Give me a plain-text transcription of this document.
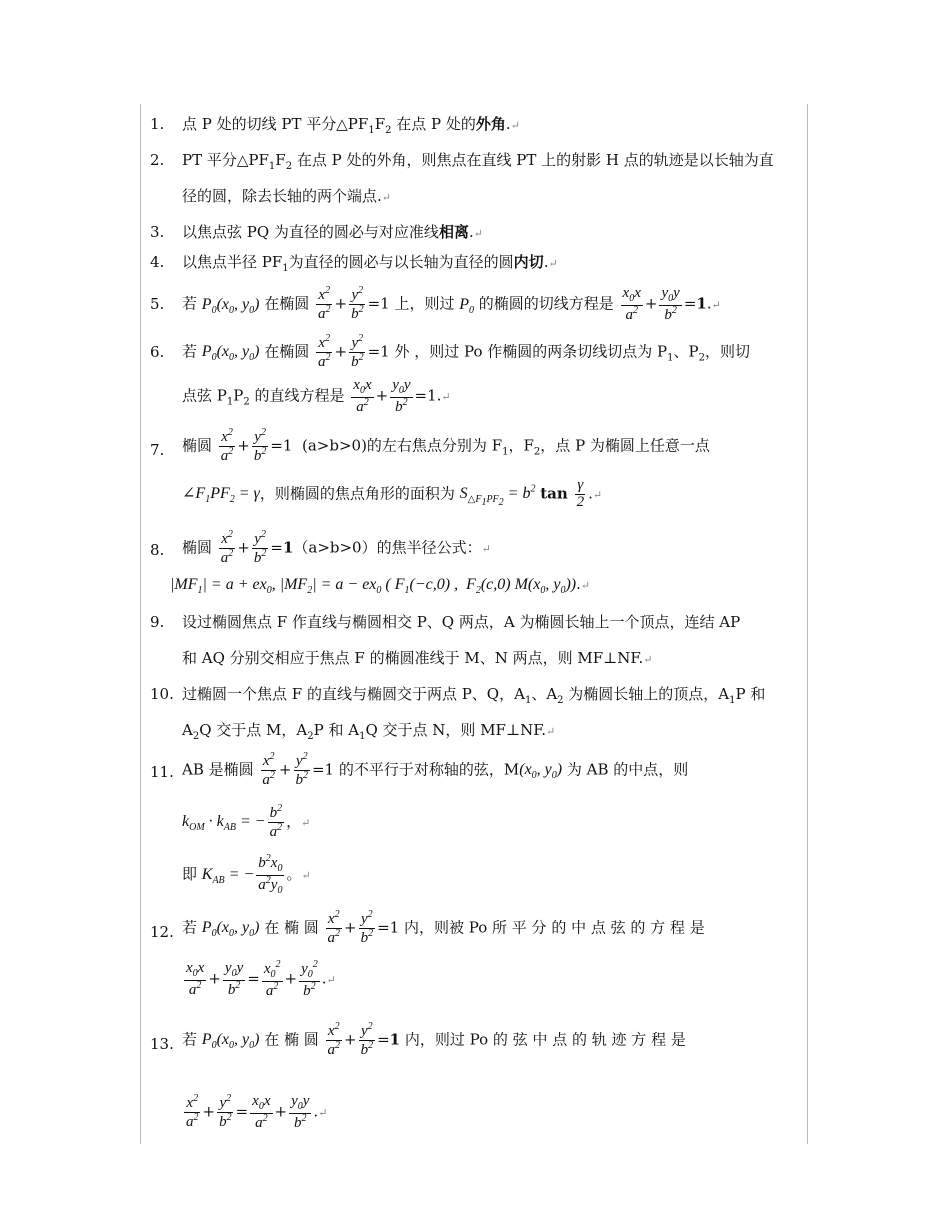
1. 点 P 处的切线 PT 平分$\triangle PF_1F_2$ 在点 P 处的外角.↵
2. PT 平分$\triangle PF_1F_2$ 在点 P 处的外角，则焦点在直线 PT 上的射影 H 点的轨迹是以长轴为直
径的圆，除去长轴的两个端点.↵
3. 以焦点弦 PQ 为直径的圆必与对应准线相离.↵
4. 以焦点半径 $PF_1$为直径的圆必与以长轴为直径的圆内切.↵
5. 若 $P_0(x_0$, $y_0$) 在椭圆 $\frac{x^2}{a^2} + \frac{y^2}{b^2} =1$ 上，则过 $P_0$ 的椭圆的切线方程是 $\frac{x_0x}{a^2} + \frac{y_0y}{b^2}$ =1.↵
6. 若 $P_0(x_0$, $y_0$) 在椭圆 $\frac{x^2}{a^2} + \frac{y^2}{b^2} =1$ 外 ，则过 Po 作椭圆的两条切线切点为 $P_1$、$P_2$，则切
点弦 $P_1P_2$ 的直线方程是 $\frac{x_0x}{a^2} + \frac{y_0y}{b^2}$ =1.↵
7. 椭圆 $\frac{x^2}{a^2} + \frac{y^2}{b^2} =1$  (a>b>0)的左右焦点分别为 $F_1$，$F_2$，点 P 为椭圆上任意一点
$\angle F_1PF_2 = \gamma$，则椭圆的焦点角形的面积为 $S_{\triangle F_1PF_2} = b^2$ $\tan \frac{\gamma}{2}$ .↵
8. 椭圆 $\frac{x^2}{a^2} + \frac{y^2}{b^2} =1(a>b>0)$的焦半径公式：↵
$|MF_1| = a + ex_0$, $|MF_2| = a - ex_0$ ( $F_1(-c,0)$ ,  $F_2(c,0)$ $M(x_0$, $y_0)).↵$
9. 设过椭圆焦点 F 作直线与椭圆相交 P、Q 两点，A 为椭圆长轴上一个顶点，连结 AP
和 AQ 分别交相应于焦点 F 的椭圆准线于 M、N 两点，则 MF⊥NF.↵
10. 过椭圆一个焦点 F 的直线与椭圆交于两点 P、Q，$A_1$、$A_2$ 为椭圆长轴上的顶点，$A_1P$ 和
$A_2Q$ 交于点 M，$A_2P$ 和 $A_1Q$ 交于点 N，则 MF⊥NF.↵
11. AB 是椭圆 $\frac{x^2}{a^2} + \frac{y^2}{b^2} =1$ 的不平行于对称轴的弦，$M(x_0$, $y_0$) 为 AB 的中点，则
$k_{OM} \cdot k_{AB}$ = − $\frac{b^2}{a^2}$ ，↵
即 $K_{AB}$ = − $\frac{b^2x_0}{a^2y_0}$ 。↵
12. 若 $P_0(x_0$, $y_0$) 在 椭 圆 $\frac{x^2}{a^2} + \frac{y^2}{b^2} =1$ 内，则被 Po 所 平 分 的 中 点 弦 的 方 程 是
$\frac{x_0x}{a^2} + \frac{y_0y}{b^2} = \frac{x_0^2}{a^2} + \frac{y_0^2}{b^2}$ .↵
13. 若 $P_0(x_0$, $y_0$) 在 椭 圆 $\frac{x^2}{a^2} + \frac{y^2}{b^2} =1$ 内，则过 Po 的 弦 中 点 的 轨 迹 方 程 是
$\frac{x^2}{a^2} + \frac{y^2}{b^2} = \frac{x_0x}{a^2} + \frac{y_0y}{b^2}$ .↵
